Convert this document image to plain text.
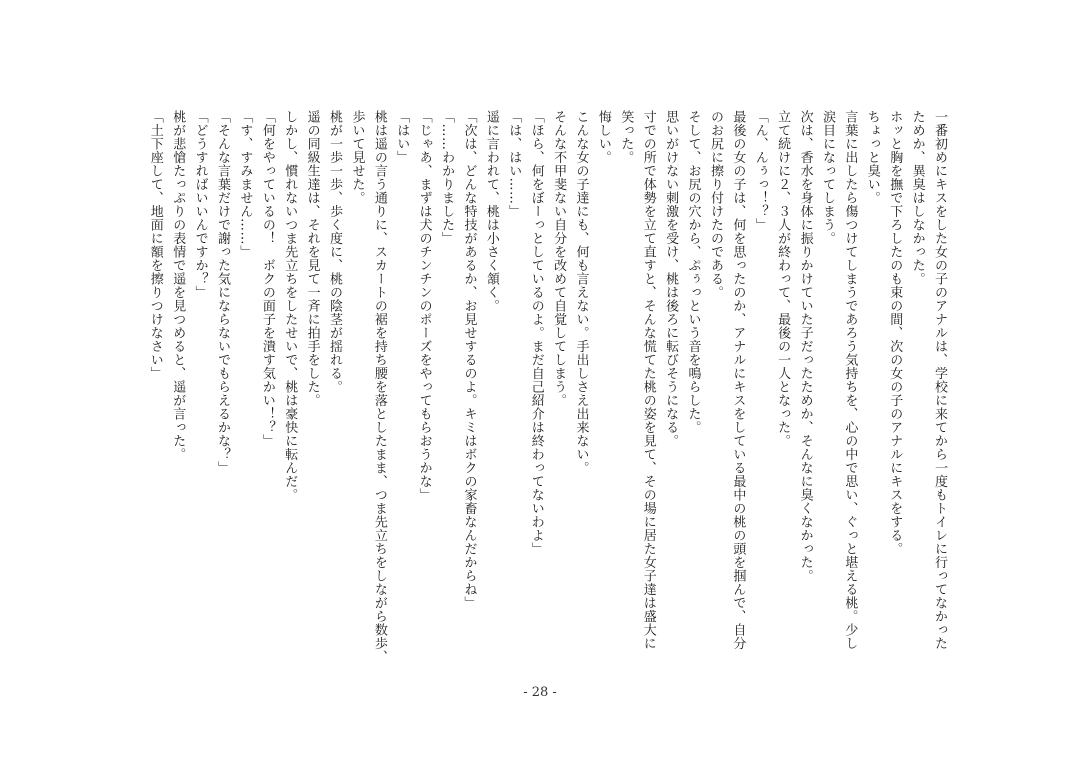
一番初めにキスをした女の子のアナルは、学校に来てから一度もトイレに行ってなかった

ためか、異臭はしなかった。

ホッと胸を撫で下ろしたのも束の間、次の女の子のアナルにキスをする。

ちょっと臭い。

言葉に出したら傷つけてしまうであろう気持ちを、心の中で思い、ぐっと堪える桃。少し

涙目になってしまう。

次は、香水を身体に振りかけていた子だったためか、そんなに臭くなかった。

立て続けに２、３人が終わって、最後の一人となった。

「ん、んぅっ！？」

最後の女の子は、何を思ったのか、アナルにキスをしている最中の桃の頭を掴んで、自分

のお尻に擦り付けたのである。

そして、お尻の穴から、ぷぅっという音を鳴らした。

思いがけない刺激を受け、桃は後ろに転びそうになる。

寸での所で体勢を立て直すと、そんな慌てた桃の姿を見て、その場に居た女子達は盛大に

笑った。

悔しい。

こんな女の子達にも、何も言えない。手出しさえ出来ない。

そんな不甲斐ない自分を改めて自覚してしまう。

「ほら、何をぼーっとしているのよ。まだ自己紹介は終わってないわよ」

「は、はい……」

遥に言われて、桃は小さく頷く。

「次は、どんな特技があるか、お見せするのよ。キミはボクの家畜なんだからね」

「……わかりました」

「じゃあ、まずは犬のチンチンのポーズをやってもらおうかな」

「はい」

桃は遥の言う通りに、スカートの裾を持ち腰を落としたまま、つま先立ちをしながら数歩、

歩いて見せた。

桃が一歩一歩、歩く度に、桃の陰茎が揺れる。

遥の同級生達は、それを見て一斉に拍手をした。

しかし、慣れないつま先立ちをしたせいで、桃は豪快に転んだ。

「何をやっているの！　ボクの面子を潰す気かい！？」

「す、すみません……」

「そんな言葉だけで謝った気にならないでもらえるかな？」

「どうすればいいんですか？」

桃が悲愴たっぷりの表情で遥を見つめると、遥が言った。

「土下座して、地面に額を擦りつけなさい」

- 28 -
